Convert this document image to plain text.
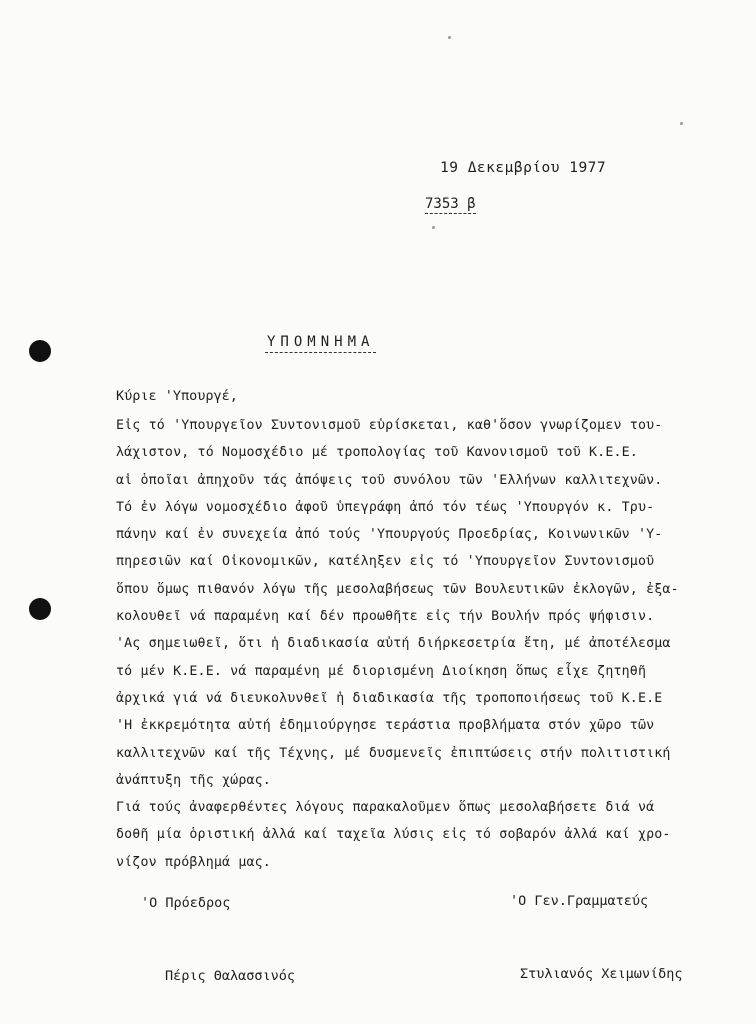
19 Δεκεμβρίου 1977
7353 β
ΥΠΟΜΝΗΜΑ
Κύριε 'Υπουργέ,
Εἰς τό 'Υπουργεῖον Συντονισμοῦ εὑρίσκεται, καθ'ὅσον γνωρίζομεν του-
λάχιστον, τό Νομοσχέδιο μέ τροπολογίας τοῦ Κανονισμοῦ τοῦ Κ.Ε.Ε.
αἱ ὁποῖαι ἀπηχοῦν τάς ἀπόψεις τοῦ συνόλου τῶν 'Ελλήνων καλλιτεχνῶν.
Τό ἐν λόγω νομοσχέδιο ἀφοῦ ὑπεγράφη ἀπό τόν τέως 'Υπουργόν κ. Τρυ-
πάνην καί ἐν συνεχεία ἀπό τούς 'Υπουργούς Προεδρίας, Κοινωνικῶν 'Υ-
πηρεσιῶν καί Οἰκονομικῶν, κατέληξεν εἰς τό 'Υπουργεῖον Συντονισμοῦ
ὅπου ὅμως πιθανόν λόγω τῆς μεσολαβήσεως τῶν Βουλευτικῶν ἐκλογῶν, ἐξα-
κολουθεῖ νά παραμένη καί δέν προωθῆτε εἰς τήν Βουλήν πρός ψήφισιν.
'Ας σημειωθεῖ, ὅτι ἡ διαδικασία αὐτή διήρκεσετρία ἔτη, μέ ἀποτέλεσμα
τό μέν Κ.Ε.Ε. νά παραμένη μέ διορισμένη Διοίκηση ὅπως εἶχε ζητηθῆ
ἀρχικά γιά νά διευκολυνθεῖ ἡ διαδικασία τῆς τροποποιήσεως τοῦ Κ.Ε.Ε
'Η ἐκκρεμότητα αὐτή ἐδημιούργησε τεράστια προβλήματα στόν χῶρο τῶν
καλλιτεχνῶν καί τῆς Τέχνης, μέ δυσμενεῖς ἐπιπτώσεις στήν πολιτιστική
ἀνάπτυξη τῆς χώρας.
Γιά τούς ἀναφερθέντες λόγους παρακαλοῦμεν ὅπως μεσολαβήσετε διά νά
δοθῆ μία ὁριστική ἀλλά καί ταχεῖα λύσις εἰς τό σοβαρόν ἀλλά καί χρο-
νίζον πρόβλημά μας.
'Ο Πρόεδρος	'Ο Γεν.Γραμματεύς
Πέρις Θαλασσινός	Στυλιανός Χειμωνίδης
